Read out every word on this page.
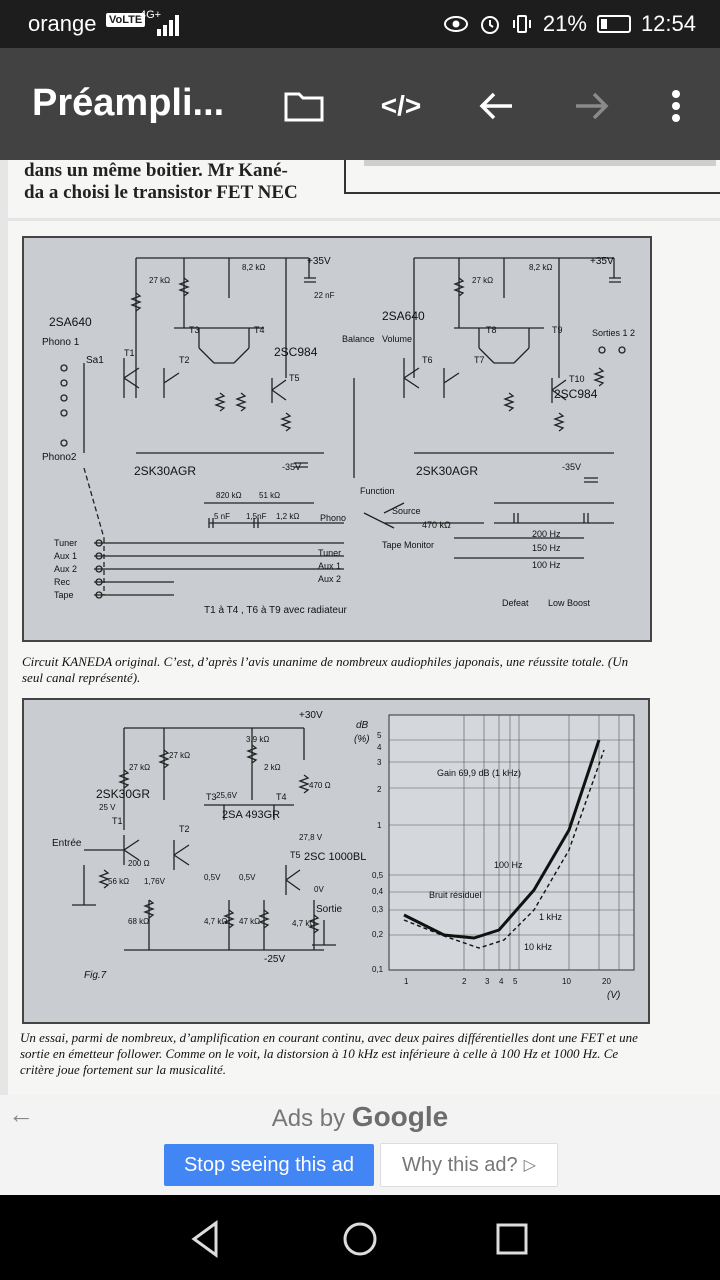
orange VoLTE
4G+	21% 12:54
Préampli...	</>
dans un même boitier. Mr Kané-
da a choisi le transistor FET NEC
+35V	+35V
2SA640	2SA640
2SC984
2SC984
2SK30AGR	2SK30AGR
Phono 1
Phono2
Sa1
Balance Volume
Function
Source
Phono
Sorties 1 2
Tuner
Aux 1
Aux 2
Rec
Tape
Tuner
Aux 1
Aux 2
Tape Monitor
470 kΩ
200 Hz
150 Hz
100 Hz
Defeat Low Boost
T1 à T4 , T6 à T9 avec radiateur
8,2 kΩ	8,2 kΩ
27 kΩ	27 kΩ
22 nF
820 kΩ 51 kΩ
5 nF 1,5nF 1,2 kΩ
-35V	-35V
T1
T2
T3	T4
T5
T6	T7
T8	T9
T10
Circuit KANEDA original. C’est, d’après l’avis unanime de nombreux audiophiles japonais, une réussite totale. (Un seul canal représenté).
+30V
-25V
2SK30GR
2SA 493GR
2SC 1000BL
Entrée
Sortie
Fig.7
25 V
25,6V
27,8 V
0,5V 0,5V
0V
1,76V
3,9 kΩ
2 kΩ
470 Ω
200 Ω
56 kΩ
68 kΩ	4,7 kΩ 47 kΩ	4,7 kΩ
27 kΩ
27 kΩ
T1
T2
T3	T4
T5
dB
(%)
Gain 69,9 dB (1 kHz)
Bruit résiduel
100 Hz
1 kHz
10 kHz
(V)
5
4
3
2
1
0,5
0,4
0,3
0,2
0,1
1	2 3 4 5	10	20
Un essai, parmi de nombreux, d’amplification en courant continu, avec deux paires différentielles dont une FET et une sortie en émetteur follower. Comme on le voit, la distorsion à 10 kHz est inférieure à celle à 100 Hz et 1000 Hz. Ce critère joue fortement sur la musicalité.
←	Ads by Google
Stop seeing this ad	Why this ad? ▷
